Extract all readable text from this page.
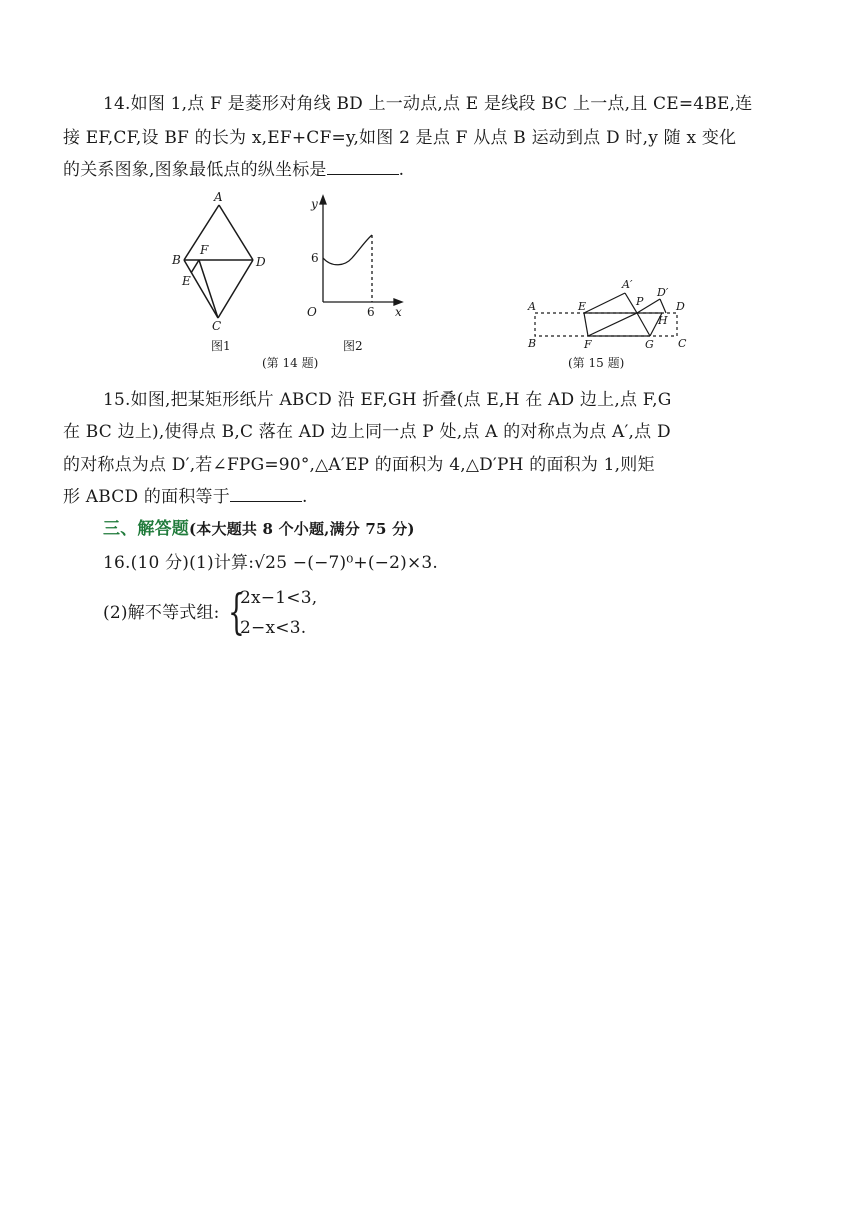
14.如图 1,点 F 是菱形对角线 BD 上一动点,点 E 是线段 BC 上一点,且 CE=4BE,连
接 EF,CF,设 BF 的长为 x,EF+CF=y,如图 2 是点 F 从点 B 运动到点 D 时,y 随 x 变化
的关系图象,图象最低点的纵坐标是	.
A
B
F
D
E
C
图1
y
x
O
6
6
图2
(第 14 题)
A	E
A′
P
D′
D
H
B	F	G C
(第 15 题)
15.如图,把某矩形纸片 ABCD 沿 EF,GH 折叠(点 E,H 在 AD 边上,点 F,G
在 BC 边上),使得点 B,C 落在 AD 边上同一点 P 处,点 A 的对称点为点 A′,点 D
的对称点为点 D′,若∠FPG=90°,△A′EP 的面积为 4,△D′PH 的面积为 1,则矩
形 ABCD 的面积等于	.
三、解答题(本大题共 8 个小题,满分 75 分)
16.(10 分)(1)计算:√25 −(−7)⁰+(−2)×3.
(2)解不等式组: {
2x−1<3,
2−x<3.
